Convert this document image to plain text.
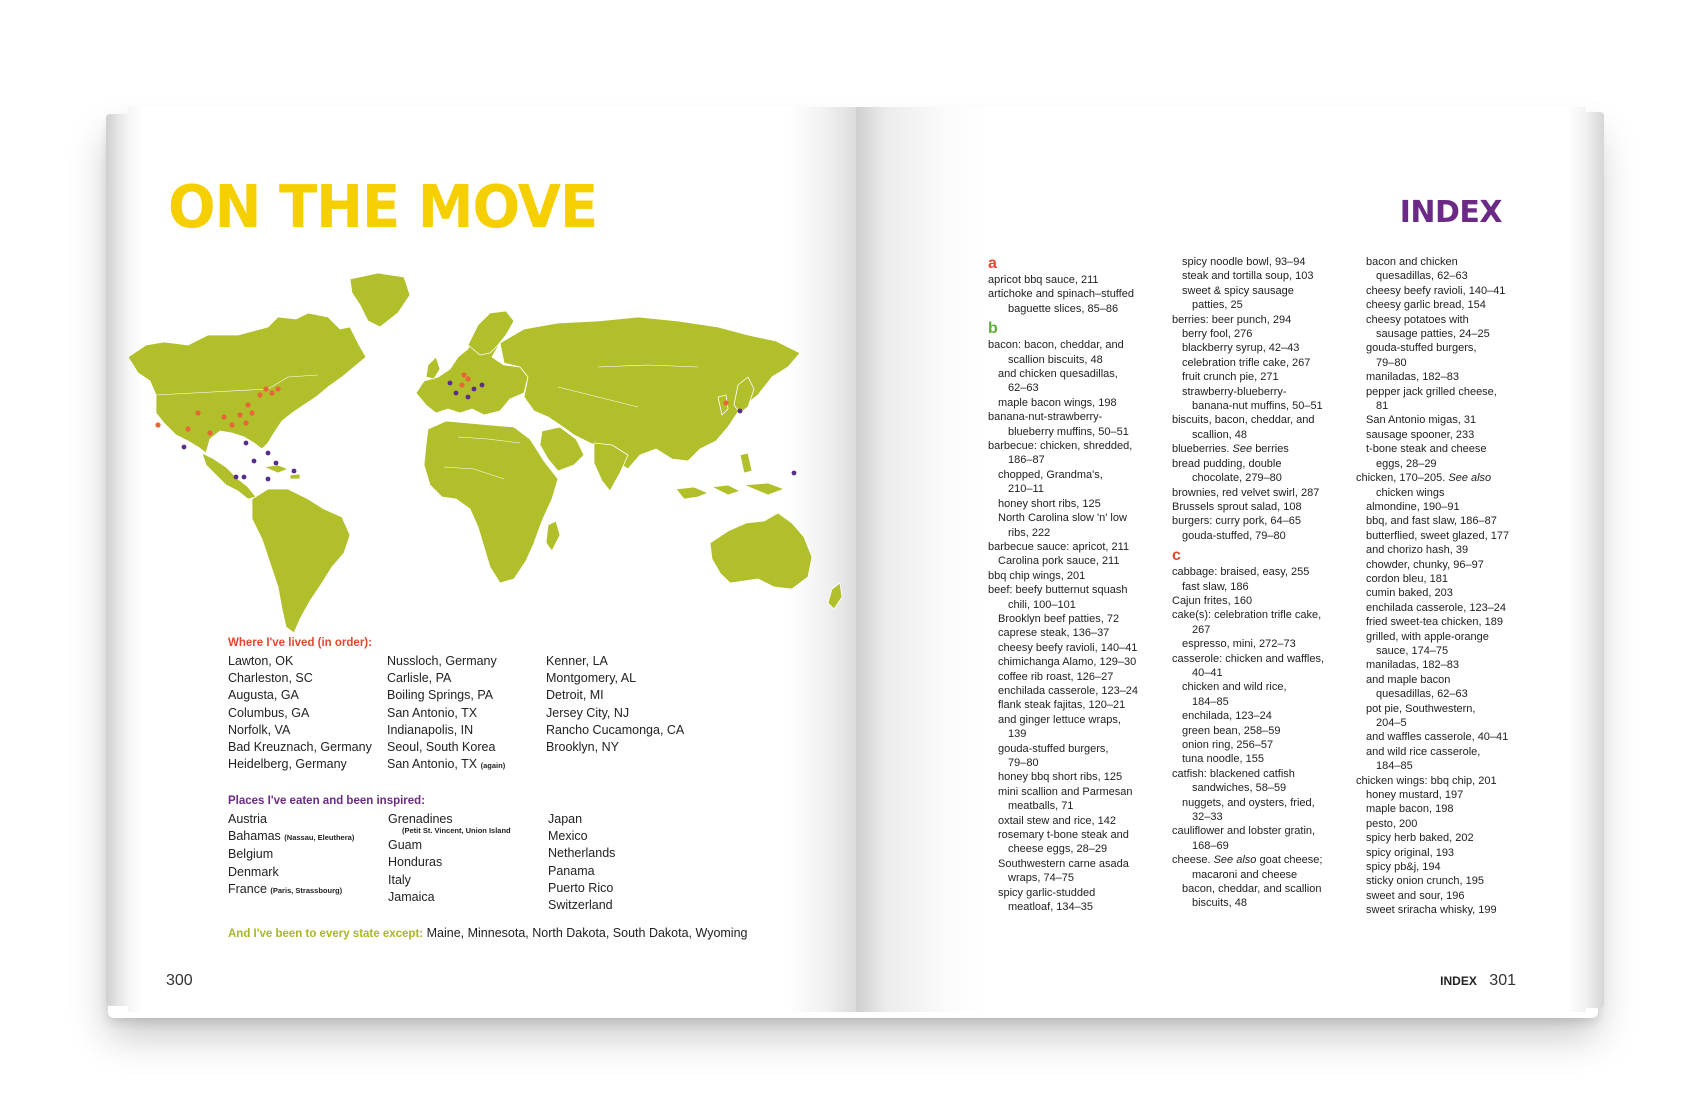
ON THE MOVE
Where I've lived (in order):
Lawton, OK
Charleston, SC
Augusta, GA
Columbus, GA
Norfolk, VA
Bad Kreuznach, Germany
Heidelberg, Germany
Nussloch, Germany
Carlisle, PA
Boiling Springs, PA
San Antonio, TX
Indianapolis, IN
Seoul, South Korea
San Antonio, TX (again)
Kenner, LA
Montgomery, AL
Detroit, MI
Jersey City, NJ
Rancho Cucamonga, CA
Brooklyn, NY
Places I've eaten and been inspired:
Austria
Bahamas (Nassau, Eleuthera)
Belgium
Denmark
France (Paris, Strassbourg)
Grenadines
(Petit St. Vincent, Union Island
Guam
Honduras
Italy
Jamaica
Japan
Mexico
Netherlands
Panama
Puerto Rico
Switzerland
And I've been to every state except: Maine, Minnesota, North Dakota, South Dakota, Wyoming
300
INDEX
a
apricot bbq sauce, 211
artichoke and spinach–stuffed
baguette slices, 85–86
b
bacon: bacon, cheddar, and
scallion biscuits, 48
and chicken quesadillas,
62–63
maple bacon wings, 198
banana-nut-strawberry-
blueberry muffins, 50–51
barbecue: chicken, shredded,
186–87
chopped, Grandma's,
210–11
honey short ribs, 125
North Carolina slow 'n' low
ribs, 222
barbecue sauce: apricot, 211
Carolina pork sauce, 211
bbq chip wings, 201
beef: beefy butternut squash
chili, 100–101
Brooklyn beef patties, 72
caprese steak, 136–37
cheesy beefy ravioli, 140–41
chimichanga Alamo, 129–30
coffee rib roast, 126–27
enchilada casserole, 123–24
flank steak fajitas, 120–21
and ginger lettuce wraps,
139
gouda-stuffed burgers,
79–80
honey bbq short ribs, 125
mini scallion and Parmesan
meatballs, 71
oxtail stew and rice, 142
rosemary t-bone steak and
cheese eggs, 28–29
Southwestern carne asada
wraps, 74–75
spicy garlic-studded
meatloaf, 134–35
spicy noodle bowl, 93–94
steak and tortilla soup, 103
sweet & spicy sausage
patties, 25
berries: beer punch, 294
berry fool, 276
blackberry syrup, 42–43
celebration trifle cake, 267
fruit crunch pie, 271
strawberry-blueberry-
banana-nut muffins, 50–51
biscuits, bacon, cheddar, and
scallion, 48
blueberries. See berries
bread pudding, double
chocolate, 279–80
brownies, red velvet swirl, 287
Brussels sprout salad, 108
burgers: curry pork, 64–65
gouda-stuffed, 79–80
c
cabbage: braised, easy, 255
fast slaw, 186
Cajun frites, 160
cake(s): celebration trifle cake,
267
espresso, mini, 272–73
casserole: chicken and waffles,
40–41
chicken and wild rice,
184–85
enchilada, 123–24
green bean, 258–59
onion ring, 256–57
tuna noodle, 155
catfish: blackened catfish
sandwiches, 58–59
nuggets, and oysters, fried,
32–33
cauliflower and lobster gratin,
168–69
cheese. See also goat cheese;
macaroni and cheese
bacon, cheddar, and scallion
biscuits, 48
bacon and chicken
quesadillas, 62–63
cheesy beefy ravioli, 140–41
cheesy garlic bread, 154
cheesy potatoes with
sausage patties, 24–25
gouda-stuffed burgers,
79–80
maniladas, 182–83
pepper jack grilled cheese,
81
San Antonio migas, 31
sausage spooner, 233
t-bone steak and cheese
eggs, 28–29
chicken, 170–205. See also
chicken wings
almondine, 190–91
bbq, and fast slaw, 186–87
butterflied, sweet glazed, 177
and chorizo hash, 39
chowder, chunky, 96–97
cordon bleu, 181
cumin baked, 203
enchilada casserole, 123–24
fried sweet-tea chicken, 189
grilled, with apple-orange
sauce, 174–75
maniladas, 182–83
and maple bacon
quesadillas, 62–63
pot pie, Southwestern,
204–5
and waffles casserole, 40–41
and wild rice casserole,
184–85
chicken wings: bbq chip, 201
honey mustard, 197
maple bacon, 198
pesto, 200
spicy herb baked, 202
spicy original, 193
spicy pb&j, 194
sticky onion crunch, 195
sweet and sour, 196
sweet sriracha whisky, 199
INDEX 301
